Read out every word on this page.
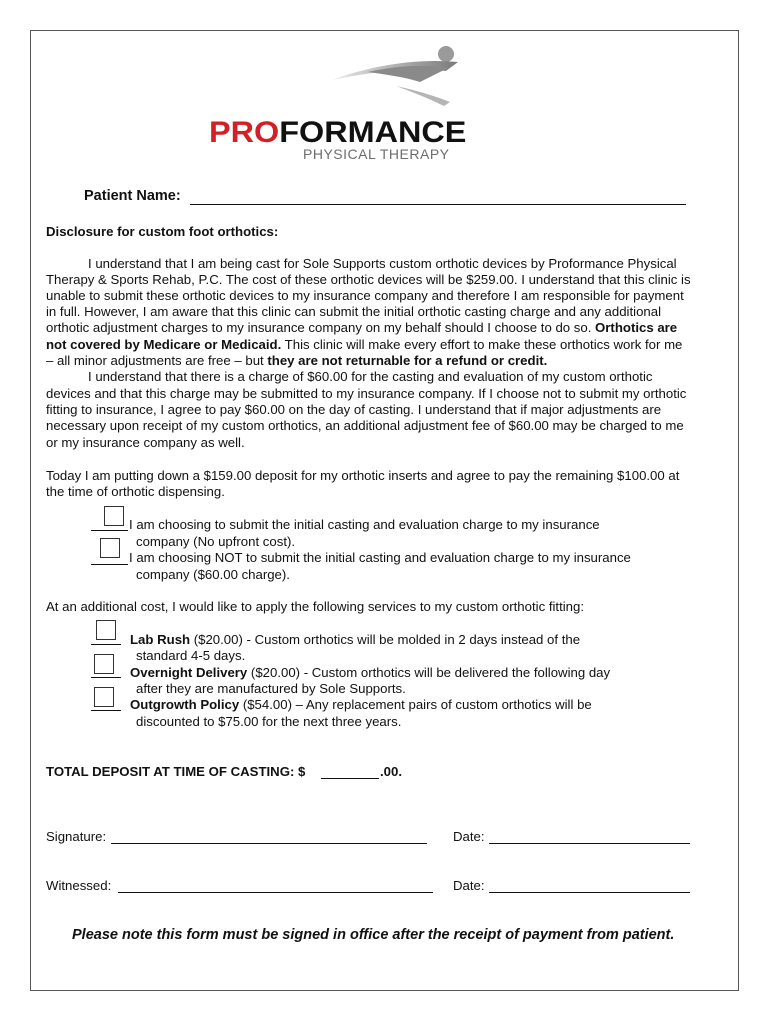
PROFORMANCE
PHYSICAL THERAPY
Patient Name:
Disclosure for custom foot orthotics:
I understand that I am being cast for Sole Supports custom orthotic devices by Proformance Physical
Therapy & Sports Rehab, P.C. The cost of these orthotic devices will be $259.00. I understand that this clinic is
unable to submit these orthotic devices to my insurance company and therefore I am responsible for payment
in full. However, I am aware that this clinic can submit the initial orthotic casting charge and any additional
orthotic adjustment charges to my insurance company on my behalf should I choose to do so. Orthotics are
not covered by Medicare or Medicaid. This clinic will make every effort to make these orthotics work for me
– all minor adjustments are free – but they are not returnable for a refund or credit.
I understand that there is a charge of $60.00 for the casting and evaluation of my custom orthotic
devices and that this charge may be submitted to my insurance company. If I choose not to submit my orthotic
fitting to insurance, I agree to pay $60.00 on the day of casting. I understand that if major adjustments are
necessary upon receipt of my custom orthotics, an additional adjustment fee of $60.00 may be charged to me
or my insurance company as well.
Today I am putting down a $159.00 deposit for my orthotic inserts and agree to pay the remaining $100.00 at
the time of orthotic dispensing.
I am choosing to submit the initial casting and evaluation charge to my insurance
company (No upfront cost).
I am choosing NOT to submit the initial casting and evaluation charge to my insurance
company ($60.00 charge).
At an additional cost, I would like to apply the following services to my custom orthotic fitting:
Lab Rush ($20.00) - Custom orthotics will be molded in 2 days instead of the
standard 4-5 days.
Overnight Delivery ($20.00) - Custom orthotics will be delivered the following day
after they are manufactured by Sole Supports.
Outgrowth Policy ($54.00) – Any replacement pairs of custom orthotics will be
discounted to $75.00 for the next three years.
TOTAL DEPOSIT AT TIME OF CASTING: $	.00.
Signature:	Date:
Witnessed:	Date:
Please note this form must be signed in office after the receipt of payment from patient.
